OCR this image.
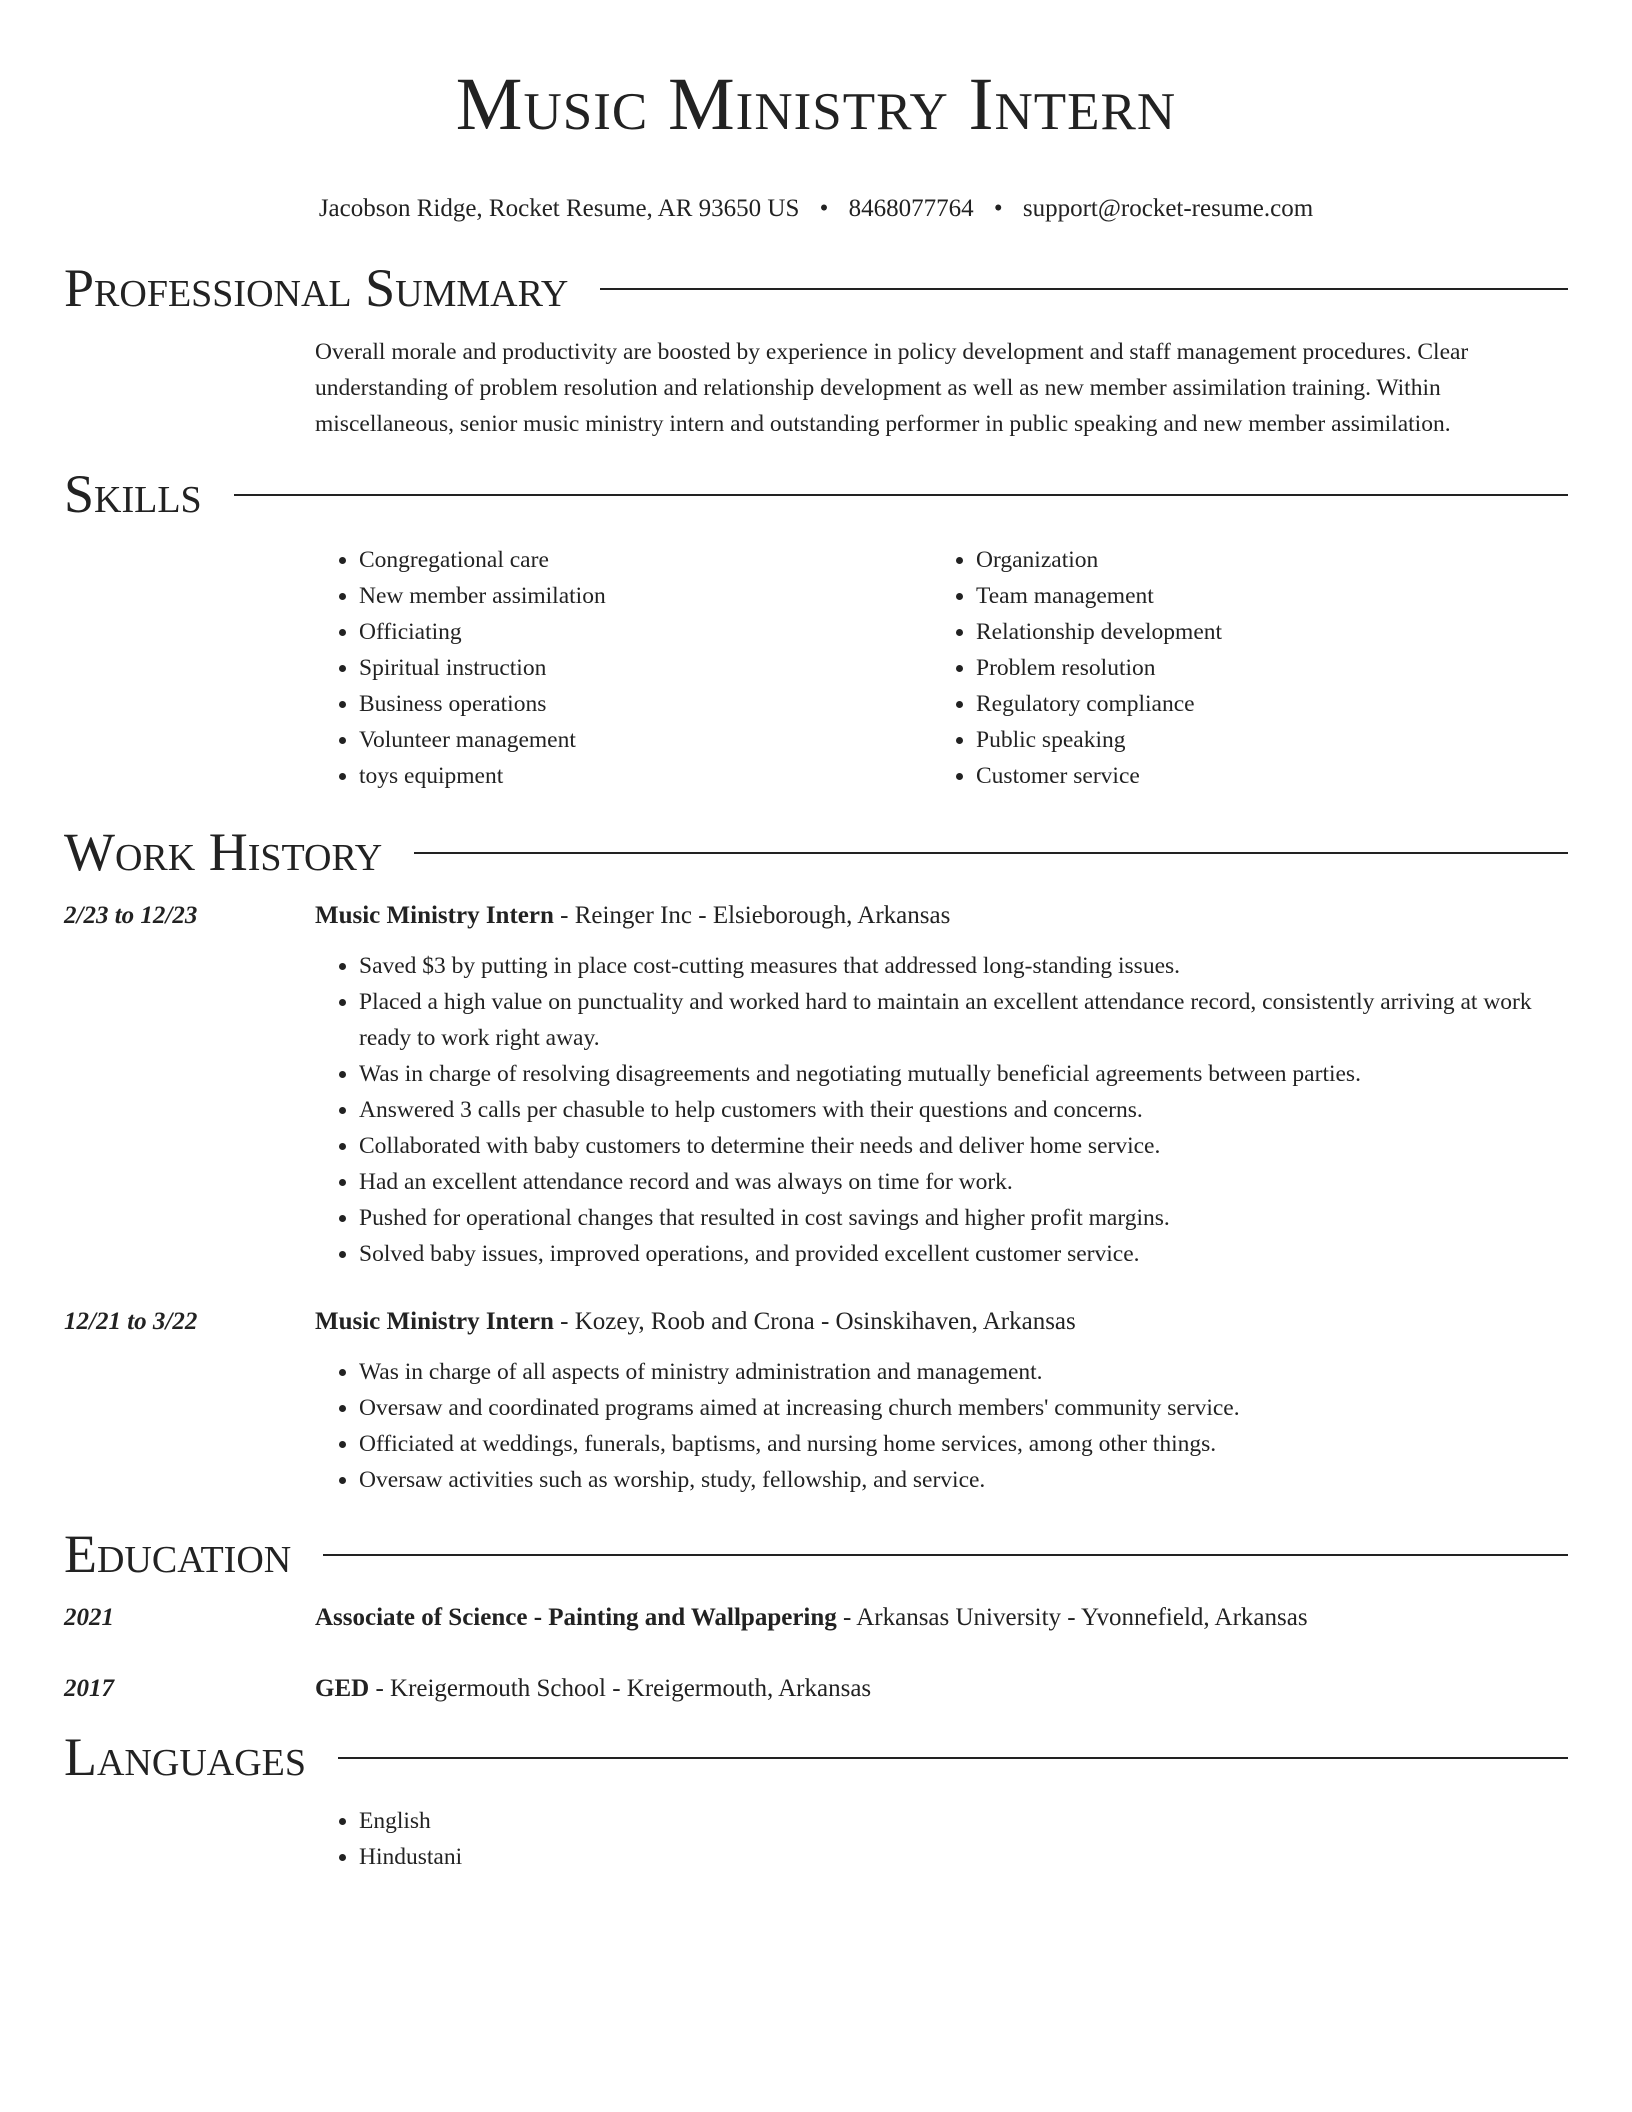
Music Ministry Intern
Jacobson Ridge, Rocket Resume, AR 93650 US • 8468077764 • support@rocket-resume.com
Professional Summary

Overall morale and productivity are boosted by experience in policy development and staff management procedures. Clear understanding of problem resolution and relationship development as well as new member assimilation training. Within miscellaneous, senior music ministry intern and outstanding performer in public speaking and new member assimilation.

Skills
• Congregational care
• New member assimilation
• Officiating
• Spiritual instruction
• Business operations
• Volunteer management
• toys equipment
• Organization
• Team management
• Relationship development
• Problem resolution
• Regulatory compliance
• Public speaking
• Customer service
Work History
2/23 to 12/23	Music Ministry Intern - Reinger Inc - Elsieborough, Arkansas
• Saved $3 by putting in place cost-cutting measures that addressed long-standing issues.
• Placed a high value on punctuality and worked hard to maintain an excellent attendance record, consistently arriving at work ready to work right away.
• Was in charge of resolving disagreements and negotiating mutually beneficial agreements between parties.
• Answered 3 calls per chasuble to help customers with their questions and concerns.
• Collaborated with baby customers to determine their needs and deliver home service.
• Had an excellent attendance record and was always on time for work.
• Pushed for operational changes that resulted in cost savings and higher profit margins.
• Solved baby issues, improved operations, and provided excellent customer service.
12/21 to 3/22	Music Ministry Intern - Kozey, Roob and Crona - Osinskihaven, Arkansas
• Was in charge of all aspects of ministry administration and management.
• Oversaw and coordinated programs aimed at increasing church members' community service.
• Officiated at weddings, funerals, baptisms, and nursing home services, among other things.
• Oversaw activities such as worship, study, fellowship, and service.
Education
2021	Associate of Science - Painting and Wallpapering - Arkansas University - Yvonnefield, Arkansas
2017	GED - Kreigermouth School - Kreigermouth, Arkansas
Languages
• English
• Hindustani
